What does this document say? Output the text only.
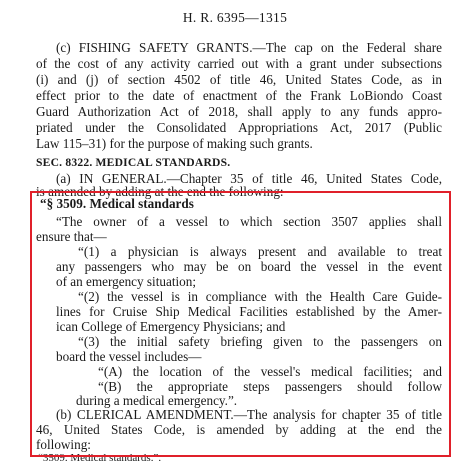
H. R. 6395—1315
(c) FISHING SAFETY GRANTS.—The cap on the Federal share
of the cost of any activity carried out with a grant under subsections
(i) and (j) of section 4502 of title 46, United States Code, as in
effect prior to the date of enactment of the Frank LoBiondo Coast
Guard Authorization Act of 2018, shall apply to any funds appro-
priated under the Consolidated Appropriations Act, 2017 (Public
Law 115–31) for the purpose of making such grants.
SEC. 8322. MEDICAL STANDARDS.
(a) IN GENERAL.—Chapter 35 of title 46, United States Code,
is amended by adding at the end the following:
“§ 3509. Medical standards
“The owner of a vessel to which section 3507 applies shall
ensure that—
“(1) a physician is always present and available to treat
any passengers who may be on board the vessel in the event
of an emergency situation;
“(2) the vessel is in compliance with the Health Care Guide-
lines for Cruise Ship Medical Facilities established by the Amer-
ican College of Emergency Physicians; and
“(3) the initial safety briefing given to the passengers on
board the vessel includes—
“(A) the location of the vessel's medical facilities; and
“(B) the appropriate steps passengers should follow
during a medical emergency.”.
(b) CLERICAL AMENDMENT.—The analysis for chapter 35 of title
46, United States Code, is amended by adding at the end the
following:
“3509. Medical standards.”.
